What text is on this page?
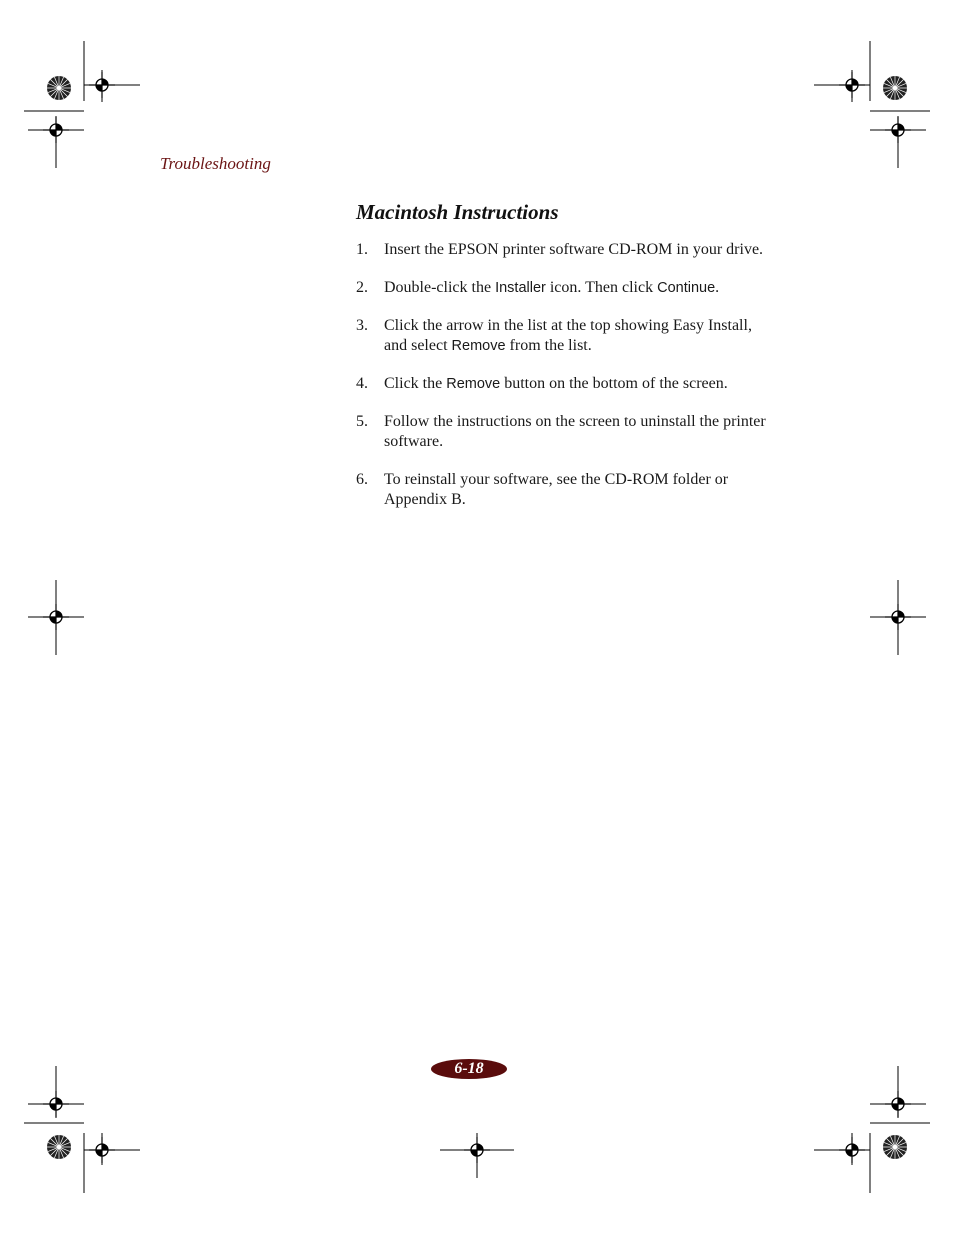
Troubleshooting
Macintosh Instructions
1. Insert the EPSON printer software CD-ROM in your drive.
2. Double-click the Installer icon. Then click Continue.
3. Click the arrow in the list at the top showing Easy Install, and select Remove from the list.
4. Click the Remove button on the bottom of the screen.
5. Follow the instructions on the screen to uninstall the printer software.
6. To reinstall your software, see the CD-ROM folder or Appendix B.
6-18
